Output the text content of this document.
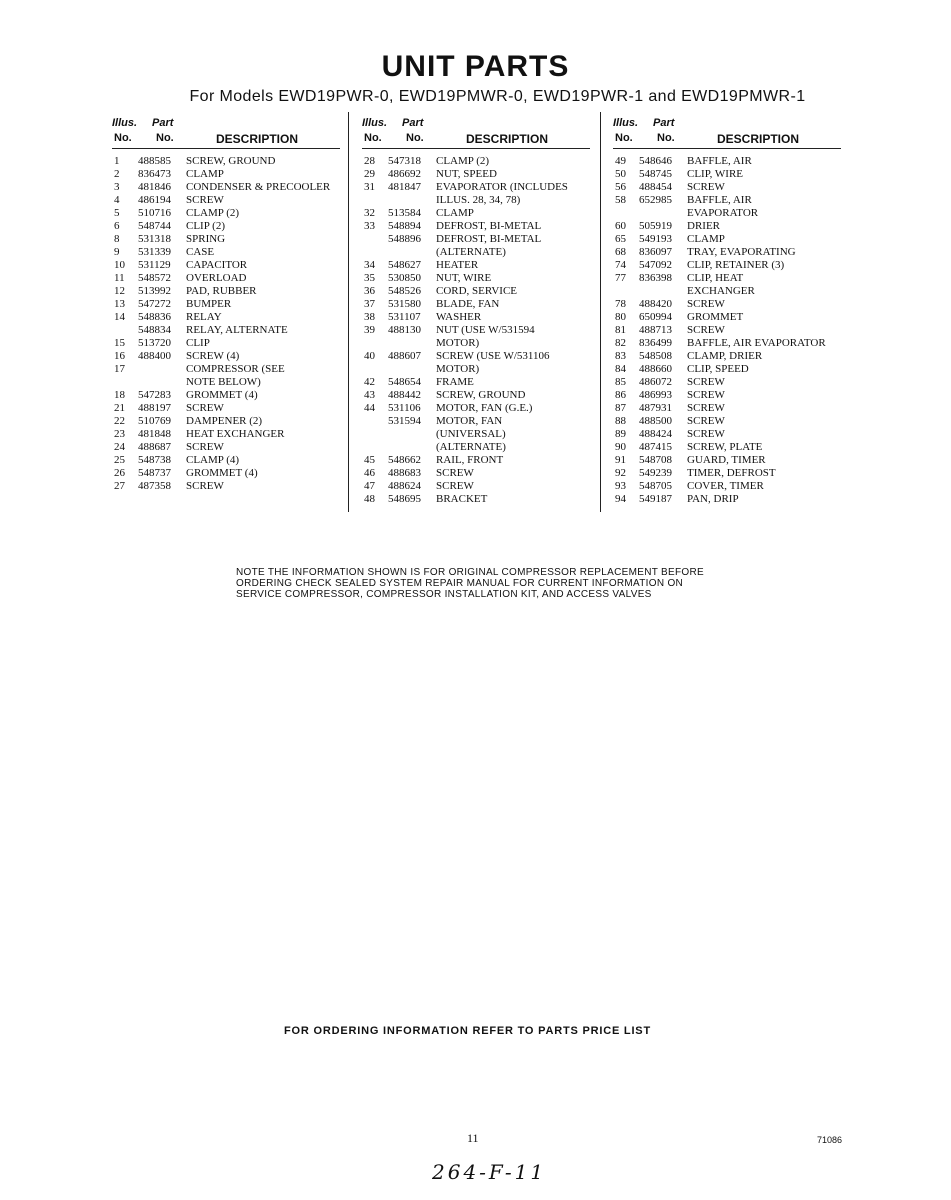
UNIT PARTS
For Models EWD19PWR-0, EWD19PMWR-0, EWD19PWR-1 and EWD19PMWR-1
Illus. Part
No. No.	DESCRIPTION
1	488585 SCREW, GROUND
2	836473 CLAMP
3	481846 CONDENSER & PRECOOLER
4	486194 SCREW
5	510716 CLAMP (2)
6	548744 CLIP (2)
8	531318 SPRING
9	531339 CASE
10 531129 CAPACITOR
11	548572 OVERLOAD
12 513992 PAD, RUBBER
13 547272 BUMPER
14 548836 RELAY
548834 RELAY, ALTERNATE
15 513720 CLIP
16 488400 SCREW (4)
17	COMPRESSOR (SEE
NOTE BELOW)
18 547283 GROMMET (4)
21 488197 SCREW
22 510769 DAMPENER (2)
23 481848 HEAT EXCHANGER
24 488687 SCREW
25 548738 CLAMP (4)
26 548737 GROMMET (4)
27 487358 SCREW
Illus. Part
No. No.	DESCRIPTION
28 547318 CLAMP (2)
29 486692 NUT, SPEED
31 481847 EVAPORATOR (INCLUDES
ILLUS. 28, 34, 78)
32 513584 CLAMP
33 548894 DEFROST, BI-METAL
548896 DEFROST, BI-METAL
(ALTERNATE)
34 548627 HEATER
35 530850 NUT, WIRE
36 548526 CORD, SERVICE
37 531580 BLADE, FAN
38 531107 WASHER
39 488130 NUT (USE W/531594
MOTOR)
40 488607 SCREW (USE W/531106
MOTOR)
42 548654 FRAME
43 488442 SCREW, GROUND
44 531106 MOTOR, FAN (G.E.)
531594 MOTOR, FAN
(UNIVERSAL)
(ALTERNATE)
45 548662 RAIL, FRONT
46 488683 SCREW
47 488624 SCREW
48 548695 BRACKET
Illus. Part
No. No.	DESCRIPTION
49 548646 BAFFLE, AIR
50 548745 CLIP, WIRE
56 488454 SCREW
58 652985 BAFFLE, AIR
EVAPORATOR
60 505919 DRIER
65 549193 CLAMP
68 836097 TRAY, EVAPORATING
74 547092 CLIP, RETAINER (3)
77 836398 CLIP, HEAT
EXCHANGER
78 488420 SCREW
80 650994 GROMMET
81 488713 SCREW
82 836499 BAFFLE, AIR EVAPORATOR
83 548508 CLAMP, DRIER
84 488660 CLIP, SPEED
85 486072 SCREW
86 486993 SCREW
87 487931 SCREW
88 488500 SCREW
89 488424 SCREW
90 487415 SCREW, PLATE
91 548708 GUARD, TIMER
92 549239 TIMER, DEFROST
93 548705 COVER, TIMER
94 549187 PAN, DRIP
NOTE THE INFORMATION SHOWN IS FOR ORIGINAL COMPRESSOR REPLACEMENT BEFORE
ORDERING CHECK SEALED SYSTEM REPAIR MANUAL FOR CURRENT INFORMATION ON
SERVICE COMPRESSOR, COMPRESSOR INSTALLATION KIT, AND ACCESS VALVES
FOR ORDERING INFORMATION REFER TO PARTS PRICE LIST
11	71086
264-F-11
